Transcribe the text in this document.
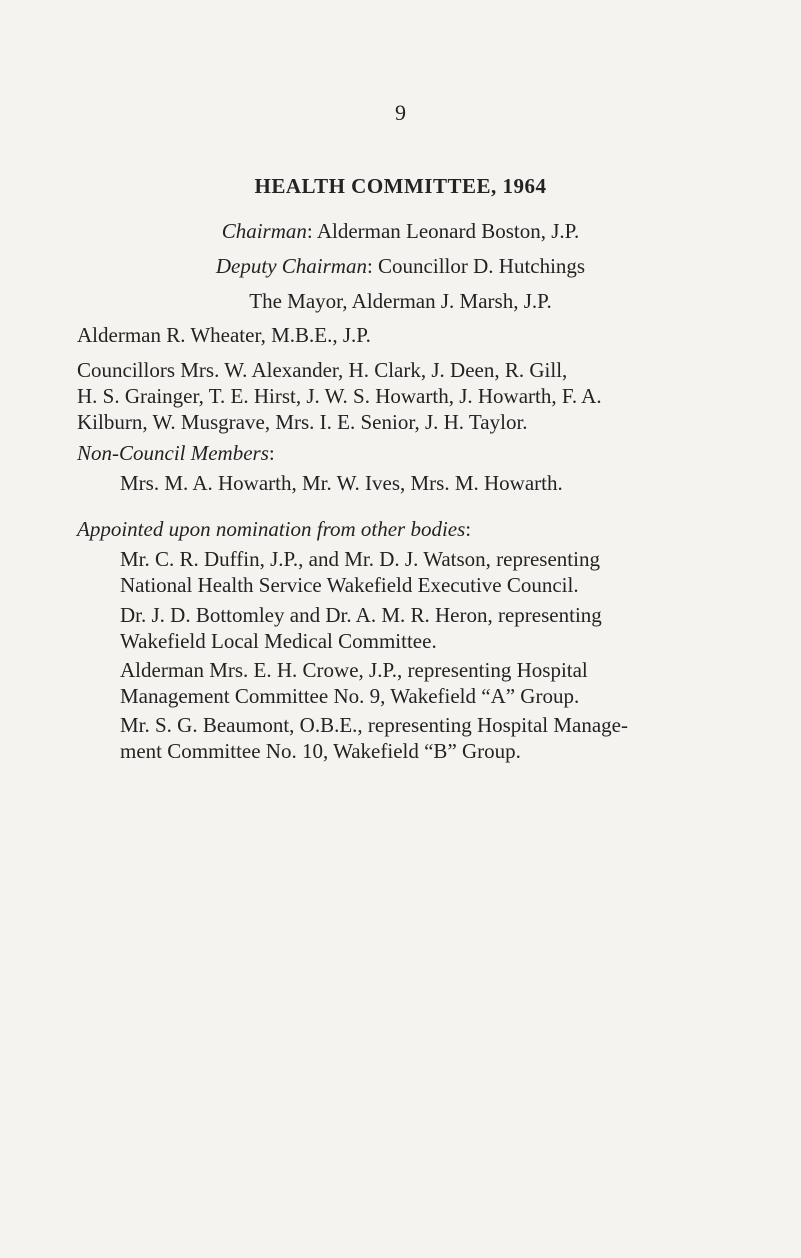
9
HEALTH COMMITTEE, 1964
Chairman: Alderman Leonard Boston, J.P.
Deputy Chairman: Councillor D. Hutchings
The Mayor, Alderman J. Marsh, J.P.
Alderman R. Wheater, M.B.E., J.P.
Councillors Mrs. W. Alexander, H. Clark, J. Deen, R. Gill,
H. S. Grainger, T. E. Hirst, J. W. S. Howarth, J. Howarth, F. A.
Kilburn, W. Musgrave, Mrs. I. E. Senior, J. H. Taylor.
Non-Council Members:
Mrs. M. A. Howarth, Mr. W. Ives, Mrs. M. Howarth.
Appointed upon nomination from other bodies:
Mr. C. R. Duffin, J.P., and Mr. D. J. Watson, representing
National Health Service Wakefield Executive Council.
Dr. J. D. Bottomley and Dr. A. M. R. Heron, representing
Wakefield Local Medical Committee.
Alderman Mrs. E. H. Crowe, J.P., representing Hospital
Management Committee No. 9, Wakefield “A” Group.
Mr. S. G. Beaumont, O.B.E., representing Hospital Manage-
ment Committee No. 10, Wakefield “B” Group.
